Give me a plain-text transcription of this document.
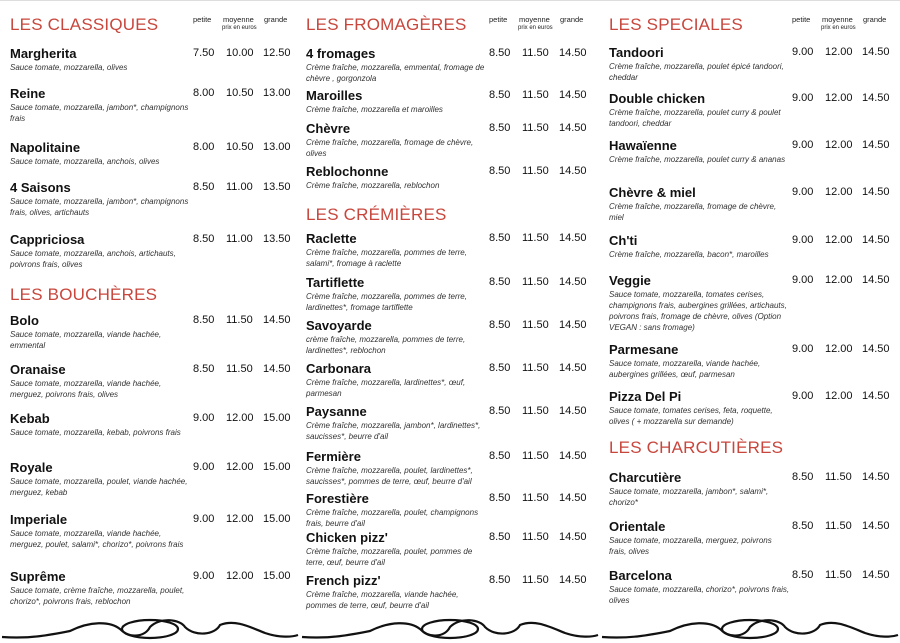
LES CLASSIQUES	petite moyenne
prix en euros
grande
Margherita
Sauce tomate, mozzarella, olives
7.50 10.00 12.50
Reine
Sauce tomate, mozzarella, jambon*, champignons frais
8.00 10.50 13.00
Napolitaine
Sauce tomate, mozzarella, anchois, olives
8.00 10.50 13.00
4 Saisons
Sauce tomate, mozzarella, jambon*, champignons frais, olives, artichauts
8.50 11.00 13.50
Cappriciosa
Sauce tomate, mozzarella, anchois, artichauts, poivrons frais, olives
8.50 11.00 13.50
LES BOUCHÈRES
Bolo
Sauce tomate, mozzarella, viande hachée, emmental
8.50 11.50 14.50
Oranaise
Sauce tomate, mozzarella, viande hachée, merguez, poivrons frais, olives
8.50 11.50 14.50
Kebab
Sauce tomate, mozzarella, kebab, poivrons frais
9.00 12.00 15.00
Royale
Sauce tomate, mozzarella, poulet, viande hachée, merguez, kebab
9.00 12.00 15.00
Imperiale
Sauce tomate, mozzarella, viande hachée, merguez, poulet, salami*, chorizo*, poivrons frais
9.00 12.00 15.00
Suprême
Sauce tomate, crème fraîche, mozzarella, poulet, chorizo*, poivrons frais, reblochon
9.00 12.00 15.00
LES FROMAGÈRES	petite moyenne
prix en euros
grande
4 fromages
Crème fraîche, mozzarella, emmental, fromage de chèvre , gorgonzola
8.50 11.50 14.50
Maroilles
Crème fraîche, mozzarella et maroilles
8.50 11.50 14.50
Chèvre
Crème fraîche, mozzarella, fromage de chèvre, olives
8.50 11.50 14.50
Reblochonne
Crème fraîche, mozzarella, reblochon
8.50 11.50 14.50
LES CRÉMIÈRES
Raclette
Crème fraîche, mozzarella, pommes de terre, salami*, fromage à raclette
8.50 11.50 14.50
Tartiflette
Crème fraîche, mozzarella, pommes de terre, lardinettes*, fromage tartiflette
8.50 11.50 14.50
Savoyarde
crème fraîche, mozzarella, pommes de terre, lardinettes*, reblochon
8.50 11.50 14.50
Carbonara
Crème fraîche, mozzarella, lardinettes*, œuf, parmesan
8.50 11.50 14.50
Paysanne
Crème fraîche, mozzarella, jambon*, lardinettes*, saucisses*, beurre d'ail
8.50 11.50 14.50
Fermière
Crème fraîche, mozzarella, poulet, lardinettes*, saucisses*, pommes de terre, œuf, beurre d'ail
8.50 11.50 14.50
Forestière
Crème fraîche, mozzarella, poulet, champignons frais, beurre d'ail
8.50 11.50 14.50
Chicken pizz'
Crème fraîche, mozzarella, poulet, pommes de terre, œuf, beurre d'ail
8.50 11.50 14.50
French pizz'
Crème fraîche, mozzarella, viande hachée, pommes de terre, œuf, beurre d'ail
8.50 11.50 14.50
LES SPECIALES	petite moyenne
prix en euros
grande
Tandoori
Crème fraîche, mozzarella, poulet épicé tandoori, cheddar
9.00 12.00 14.50
Double chicken
Crème fraîche, mozzarella, poulet curry & poulet tandoori, cheddar
9.00 12.00 14.50
Hawaïenne
Crème fraîche, mozzarella, poulet curry & ananas
9.00 12.00 14.50
Chèvre & miel
Crème fraîche, mozzarella, fromage de chèvre, miel
9.00 12.00 14.50
Ch'ti
Crème fraîche, mozzarella, bacon*, maroilles
9.00 12.00 14.50
Veggie
Sauce tomate, mozzarella, tomates cerises, champignons frais, aubergines grillées, artichauts, poivrons frais, fromage de chèvre, olives (Option VEGAN : sans fromage)
9.00 12.00 14.50
Parmesane
Sauce tomate, mozzarella, viande hachée, aubergines grillées, œuf, parmesan
9.00 12.00 14.50
Pizza Del Pi
Sauce tomate, tomates cerises, feta, roquette, olives ( + mozzarella sur demande)
9.00 12.00 14.50
LES CHARCUTIÈRES
Charcutière
Sauce tomate, mozzarella, jambon*, salami*, chorizo*
8.50 11.50 14.50
Orientale
Sauce tomate, mozzarella, merguez, poivrons frais, olives
8.50 11.50 14.50
Barcelona
Sauce tomate, mozzarella, chorizo*, poivrons frais, olives
8.50 11.50 14.50
